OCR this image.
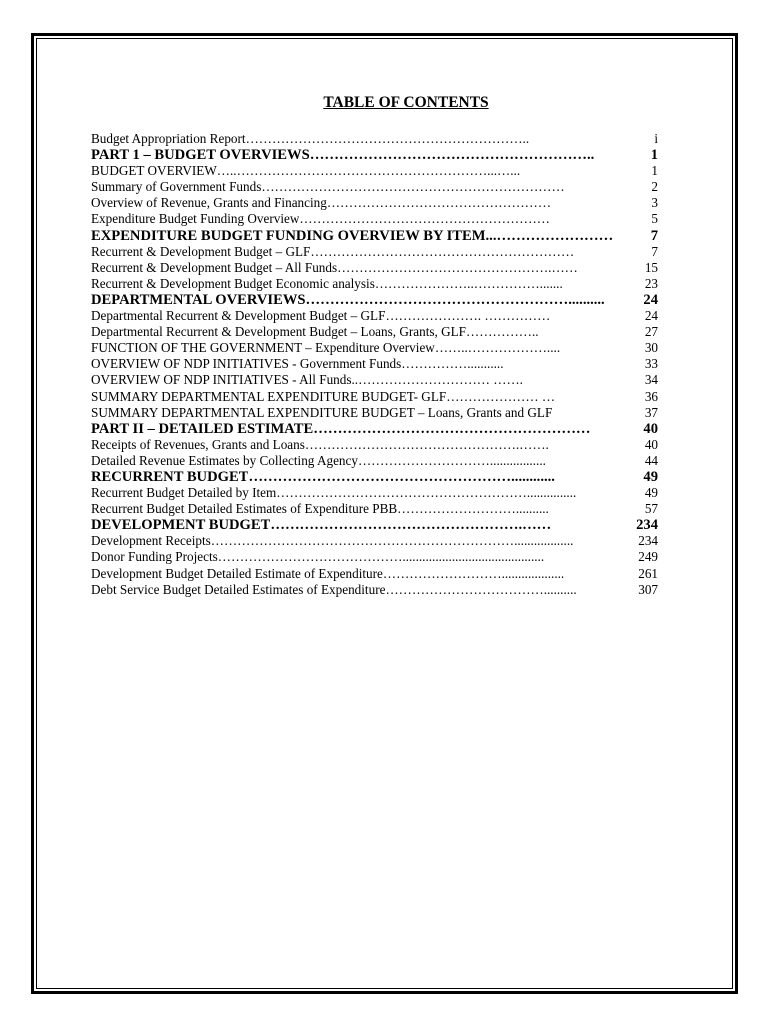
TABLE OF CONTENTS
Budget Appropriation Report ………………………………………………………..	i
PART 1 – BUDGET OVERVIEWS …………………………………………………..	1
BUDGET OVERVIEW …..…………………………………………………...…...	1
Summary of Government Funds ……………………………………………………………	2
Overview of Revenue, Grants and Financing ……………………………………………	3
Expenditure Budget Funding Overview …………………………………………………	5
EXPENDITURE BUDGET FUNDING OVERVIEW BY ITEM ...……………………	7
Recurrent & Development Budget – GLF ……………………………………………………	7
Recurrent & Development Budget – All Funds ………………………………………….……	15
Recurrent & Development Budget Economic analysis …………………..…………….......	23
DEPARTMENTAL OVERVIEWS ………………………………………………..........	24
Departmental Recurrent & Development Budget – GLF …………………. ……………	24
Departmental Recurrent & Development Budget – Loans, Grants, GLF ……………..	27
FUNCTION OF THE GOVERNMENT – Expenditure Overview ……..………………....	30
OVERVIEW OF NDP INITIATIVES - Government Funds ……………...........	33
OVERVIEW OF NDP INITIATIVES - All Funds ..………………………… …….	34
SUMMARY DEPARTMENTAL EXPENDITURE BUDGET- GLF ………………… …	36
SUMMARY DEPARTMENTAL EXPENDITURE BUDGET – Loans, Grants and GLF	37
PART II – DETAILED ESTIMATE …………………………………………………	40
Receipts of Revenues, Grants and Loans ………………………………………….…….	40
Detailed Revenue Estimates by Collecting Agency ………………………….................	44
RECURRENT BUDGET ………………………………………………............	49
Recurrent Budget Detailed by Item …………………………………………………...............	49
Recurrent Budget Detailed Estimates of Expenditure PBB ………………………..........	57
DEVELOPMENT BUDGET …………………………………………….……	234
Development Receipts ……………………………………………………………..................	234
Donor Funding Projects ……………………………………...........................................	249
Development Budget Detailed Estimate of Expenditure ………………………...................	261
Debt Service Budget Detailed Estimates of Expenditure ………………………………..........	307
